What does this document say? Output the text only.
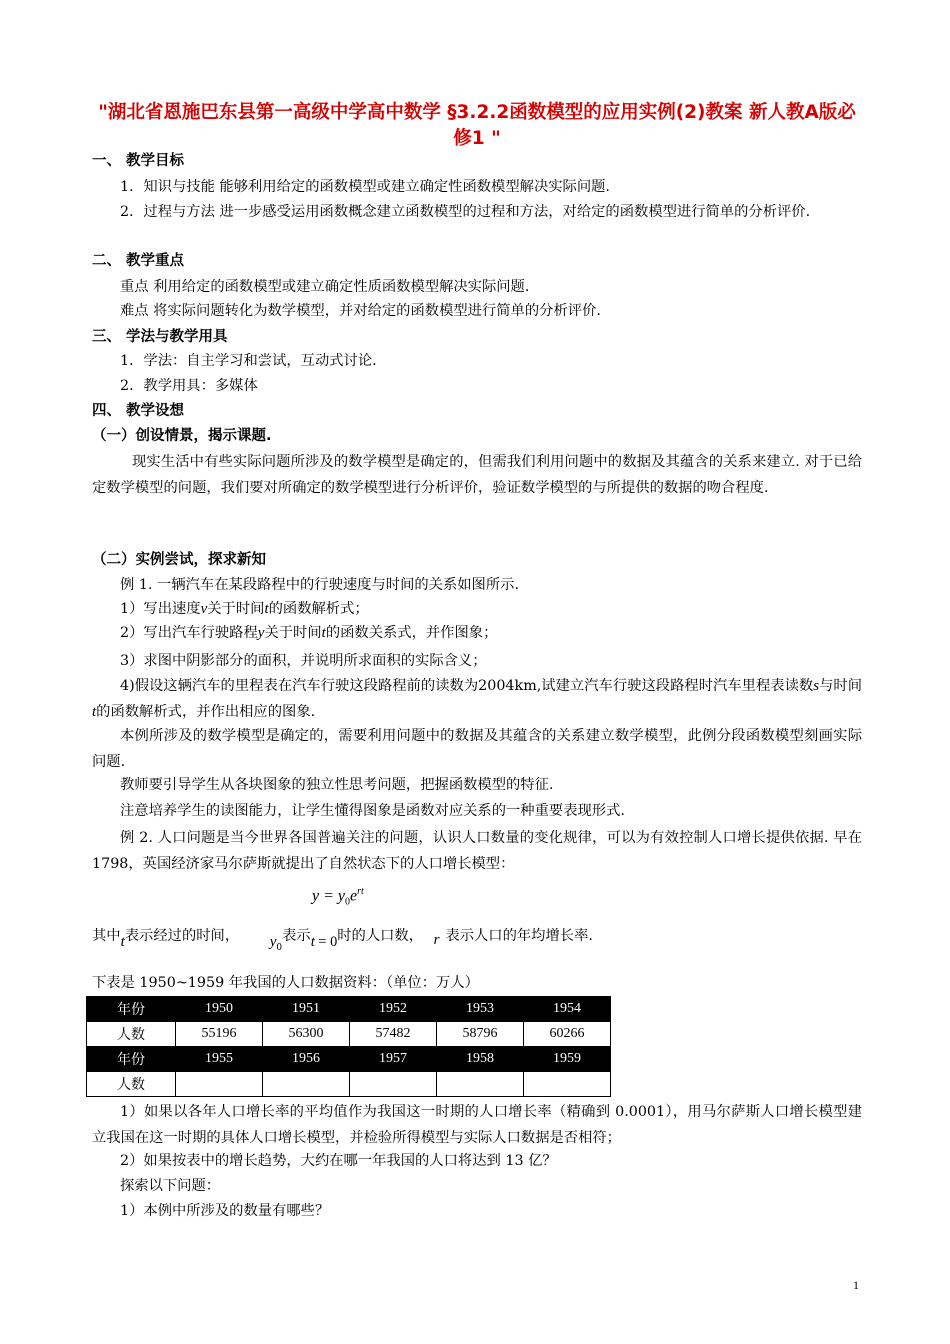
"湖北省恩施巴东县第一高级中学高中数学 §3.2.2函数模型的应用实例(2)教案 新人教A版必修1 "
一、 教学目标
1．知识与技能 能够利用给定的函数模型或建立确定性函数模型解决实际问题.
2．过程与方法 进一步感受运用函数概念建立函数模型的过程和方法，对给定的函数模型进行简单的分析评价.
二、 教学重点
重点 利用给定的函数模型或建立确定性质函数模型解决实际问题.
难点 将实际问题转化为数学模型，并对给定的函数模型进行简单的分析评价.
三、 学法与教学用具
1．学法：自主学习和尝试，互动式讨论.
2．教学用具：多媒体
四、 教学设想
（一）创设情景，揭示课题.
现实生活中有些实际问题所涉及的数学模型是确定的，但需我们利用问题中的数据及其蕴含的关系来建立. 对于已给定数学模型的问题，我们要对所确定的数学模型进行分析评价，验证数学模型的与所提供的数据的吻合程度.
（二）实例尝试，探求新知
例 1. 一辆汽车在某段路程中的行驶速度与时间的关系如图所示.
1）写出速度v关于时间t的函数解析式；
2）写出汽车行驶路程y关于时间t的函数关系式，并作图象；
3）求图中阴影部分的面积，并说明所求面积的实际含义；
4)假设这辆汽车的里程表在汽车行驶这段路程前的读数为2004km,试建立汽车行驶这段路程时汽车里程表读数s与时间t的函数解析式，并作出相应的图象.
本例所涉及的数学模型是确定的，需要利用问题中的数据及其蕴含的关系建立数学模型，此例分段函数模型刻画实际问题.
教师要引导学生从各块图象的独立性思考问题，把握函数模型的特征.
注意培养学生的读图能力，让学生懂得图象是函数对应关系的一种重要表现形式.
例 2. 人口问题是当今世界各国普遍关注的问题，认识人口数量的变化规律，可以为有效控制人口增长提供依据. 早在 1798，英国经济家马尔萨斯就提出了自然状态下的人口增长模型：
$y = y_0e^{rt}$
其中t表示经过的时间， $y_0$表示t = 0时的人口数， r 表示人口的年均增长率.
下表是 1950~1959 年我国的人口数据资料：（单位：万人）
年份	1950	1951	1952	1953	1954
人数	55196	56300	57482	58796	60266
年份	1955	1956	1957	1958	1959
人数					
1）如果以各年人口增长率的平均值作为我国这一时期的人口增长率（精确到 0.0001），用马尔萨斯人口增长模型建立我国在这一时期的具体人口增长模型，并检验所得模型与实际人口数据是否相符；
2）如果按表中的增长趋势，大约在哪一年我国的人口将达到 13 亿？
探索以下问题：
1）本例中所涉及的数量有哪些？
1
